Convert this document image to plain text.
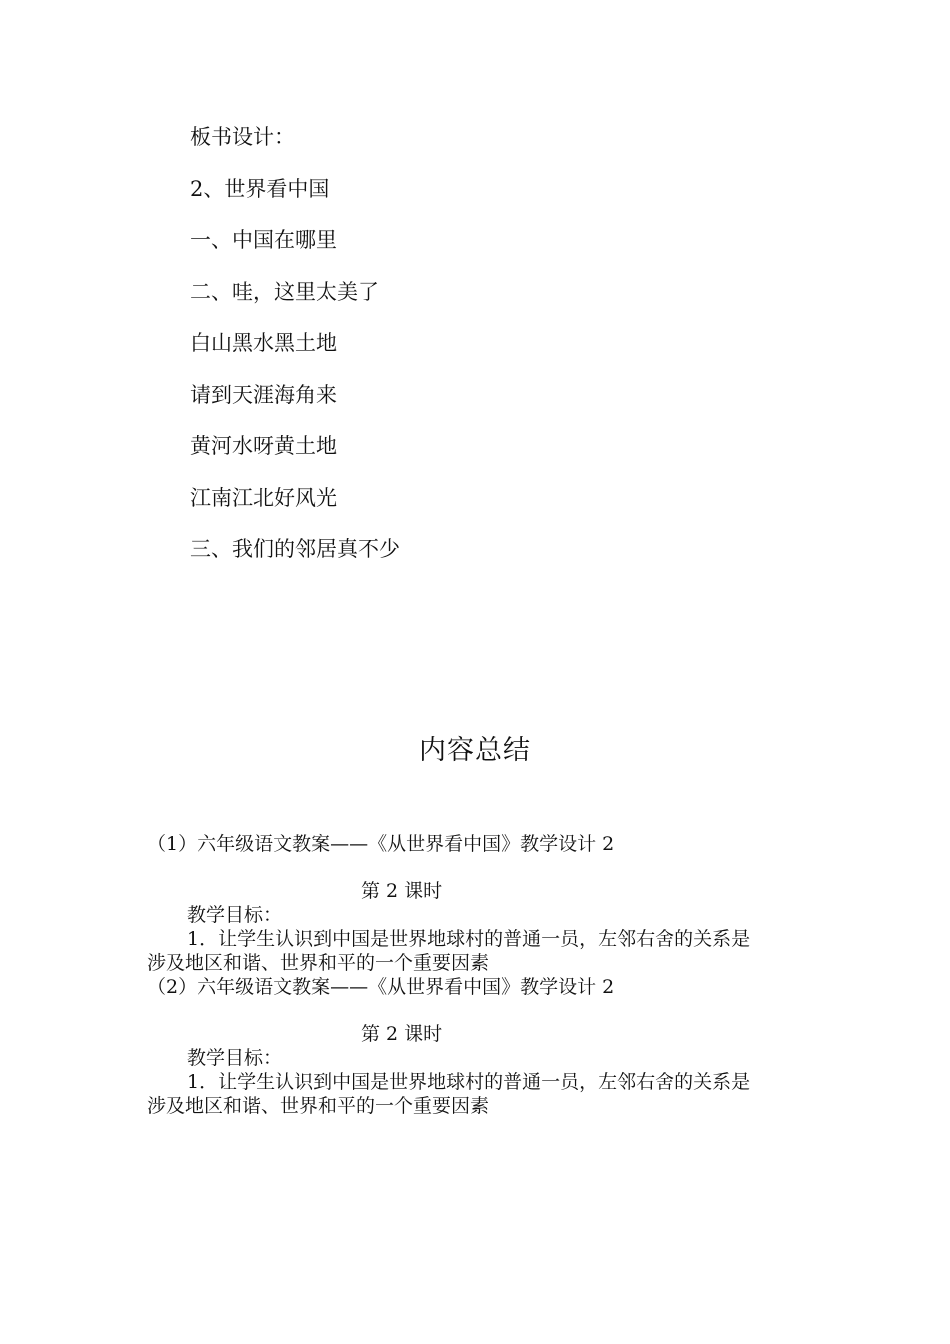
板书设计：
2、世界看中国
一、中国在哪里
二、哇，这里太美了
白山黑水黑土地
请到天涯海角来
黄河水呀黄土地
江南江北好风光
三、我们的邻居真不少
内容总结
（1）六年级语文教案——《从世界看中国》教学设计 2
第 2 课时
教学目标：
1．让学生认识到中国是世界地球村的普通一员，左邻右舍的关系是
涉及地区和谐、世界和平的一个重要因素
（2）六年级语文教案——《从世界看中国》教学设计 2
第 2 课时
教学目标：
1．让学生认识到中国是世界地球村的普通一员，左邻右舍的关系是
涉及地区和谐、世界和平的一个重要因素
